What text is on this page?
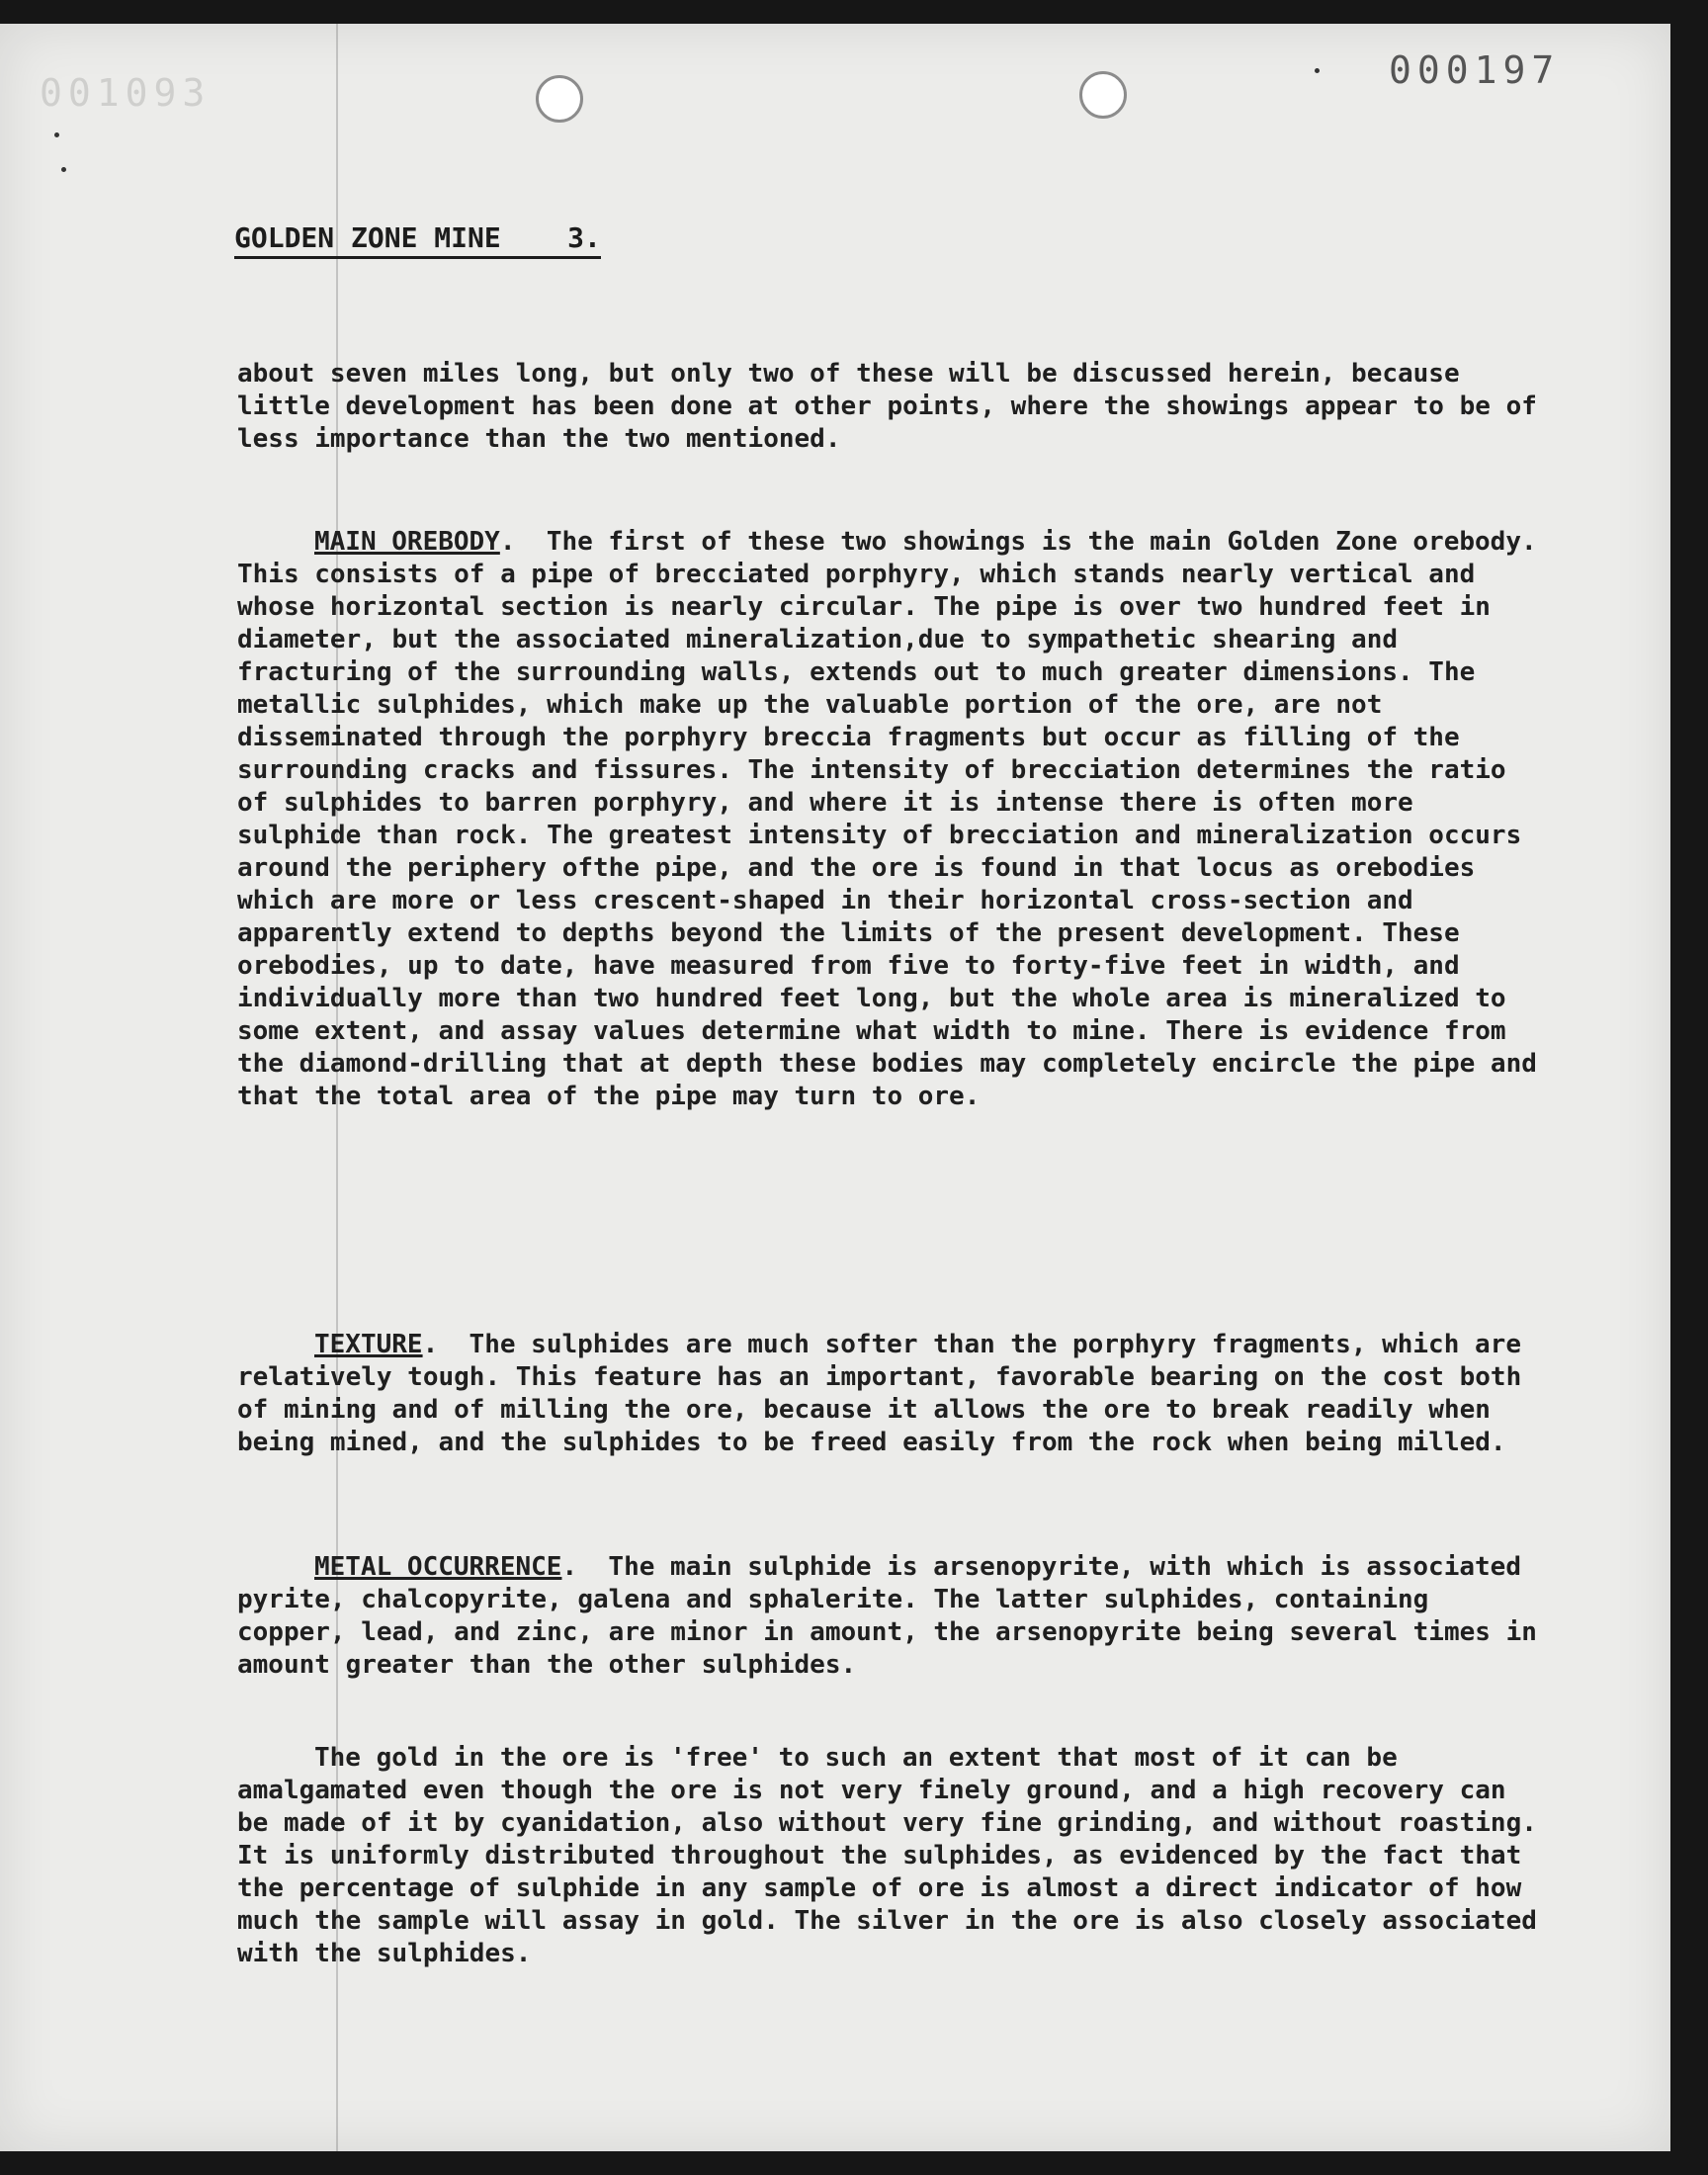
001093
000197
GOLDEN ZONE MINE 3.

about seven miles long, but only two of these will be discussed herein, because little development has been done at other points, where the showings appear to be of less importance than the two mentioned.

MAIN OREBODY. The first of these two showings is the main Golden Zone orebody. This consists of a pipe of brecciated porphyry, which stands nearly vertical and whose horizontal section is nearly circular. The pipe is over two hundred feet in diameter, but the associated mineralization,due to sympathetic shearing and fracturing of the surrounding walls, extends out to much greater dimensions. The metallic sulphides, which make up the valuable portion of the ore, are not disseminated through the porphyry breccia fragments but occur as filling of the surrounding cracks and fissures. The intensity of brecciation determines the ratio of sulphides to barren porphyry, and where it is intense there is often more sulphide than rock. The greatest intensity of brecciation and mineralization occurs around the periphery ofthe pipe, and the ore is found in that locus as orebodies which are more or less crescent-shaped in their horizontal cross-section and apparently extend to depths beyond the limits of the present development. These orebodies, up to date, have measured from five to forty-five feet in width, and individually more than two hundred feet long, but the whole area is mineralized to some extent, and assay values determine what width to mine. There is evidence from the diamond-drilling that at depth these bodies may completely encircle the pipe and that the total area of the pipe may turn to ore.

TEXTURE. The sulphides are much softer than the porphyry fragments, which are relatively tough. This feature has an important, favorable bearing on the cost both of mining and of milling the ore, because it allows the ore to break readily when being mined, and the sulphides to be freed easily from the rock when being milled.

METAL OCCURRENCE. The main sulphide is arsenopyrite, with which is associated pyrite, chalcopyrite, galena and sphalerite. The latter sulphides, containing copper, lead, and zinc, are minor in amount, the arsenopyrite being several times in amount greater than the other sulphides.

The gold in the ore is 'free' to such an extent that most of it can be amalgamated even though the ore is not very finely ground, and a high recovery can be made of it by cyanidation, also without very fine grinding, and without roasting. It is uniformly distributed throughout the sulphides, as evidenced by the fact that the percentage of sulphide in any sample of ore is almost a direct indicator of how much the sample will assay in gold. The silver in the ore is also closely associated with the sulphides.
